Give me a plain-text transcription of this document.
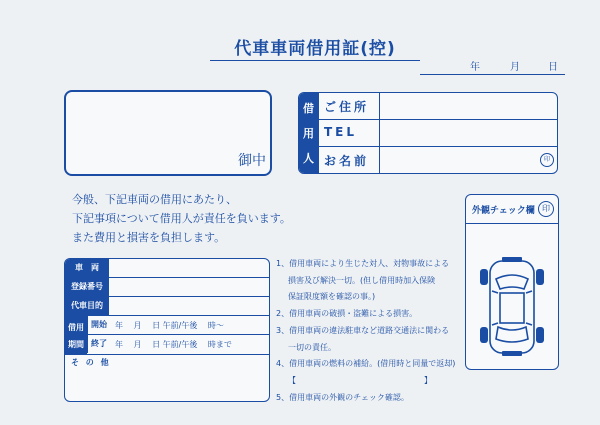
代車車両借用証(控)
年	月	日
御中
借
用
人
ご住所
TEL
お名前	印
今般、下記車両の借用にあたり、
下記事項について借用人が責任を負います。
また費用と損害を負担します。
車　両
登録番号
代車目的
借用
期間
開始	年　 月　 日 午前/午後　 時～
終了	年　 月　 日 午前/午後　 時まで
そ の 他
1、借用車両により生じた対人、対物事故による
損害及び解決一切。(但し借用時加入保険
保証限度額を確認の事。)
2、借用車両の破損・盗難による損害。
3、借用車両の違法駐車など道路交通法に関わる
一切の責任。
4、借用車両の燃料の補給。(借用時と同量で返却)
【　　　　　　　　　　　　　　　　】
5、借用車両の外観のチェック確認。
外観チェック欄 印
